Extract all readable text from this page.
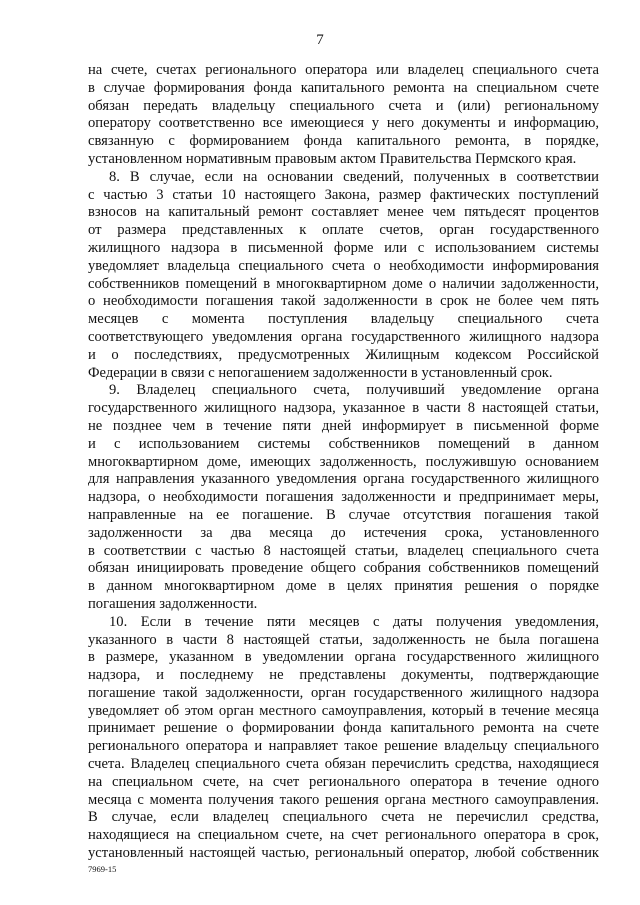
7
на счете, счетах регионального оператора или владелец специального счета
в случае формирования фонда капитального ремонта на специальном счете
обязан передать владельцу специального счета и (или) региональному
оператору соответственно все имеющиеся у него документы и информацию,
связанную с формированием фонда капитального ремонта, в порядке,
установленном нормативным правовым актом Правительства Пермского края.
8. В случае, если на основании сведений, полученных в соответствии
с частью 3 статьи 10 настоящего Закона, размер фактических поступлений
взносов на капитальный ремонт составляет менее чем пятьдесят процентов
от размера представленных к оплате счетов, орган государственного
жилищного надзора в письменной форме или с использованием системы
уведомляет владельца специального счета о необходимости информирования
собственников помещений в многоквартирном доме о наличии задолженности,
о необходимости погашения такой задолженности в срок не более чем пять
месяцев с момента поступления владельцу специального счета
соответствующего уведомления органа государственного жилищного надзора
и о последствиях, предусмотренных Жилищным кодексом Российской
Федерации в связи с непогашением задолженности в установленный срок.
9. Владелец специального счета, получивший уведомление органа
государственного жилищного надзора, указанное в части 8 настоящей статьи,
не позднее чем в течение пяти дней информирует в письменной форме
и с использованием системы собственников помещений в данном
многоквартирном доме, имеющих задолженность, послужившую основанием
для направления указанного уведомления органа государственного жилищного
надзора, о необходимости погашения задолженности и предпринимает меры,
направленные на ее погашение. В случае отсутствия погашения такой
задолженности за два месяца до истечения срока, установленного
в соответствии с частью 8 настоящей статьи, владелец специального счета
обязан инициировать проведение общего собрания собственников помещений
в данном многоквартирном доме в целях принятия решения о порядке
погашения задолженности.
10. Если в течение пяти месяцев с даты получения уведомления,
указанного в части 8 настоящей статьи, задолженность не была погашена
в размере, указанном в уведомлении органа государственного жилищного
надзора, и последнему не представлены документы, подтверждающие
погашение такой задолженности, орган государственного жилищного надзора
уведомляет об этом орган местного самоуправления, который в течение месяца
принимает решение о формировании фонда капитального ремонта на счете
регионального оператора и направляет такое решение владельцу специального
счета. Владелец специального счета обязан перечислить средства, находящиеся
на специальном счете, на счет регионального оператора в течение одного
месяца с момента получения такого решения органа местного самоуправления.
В случае, если владелец специального счета не перечислил средства,
находящиеся на специальном счете, на счет регионального оператора в срок,
установленный настоящей частью, региональный оператор, любой собственник
7969-15
